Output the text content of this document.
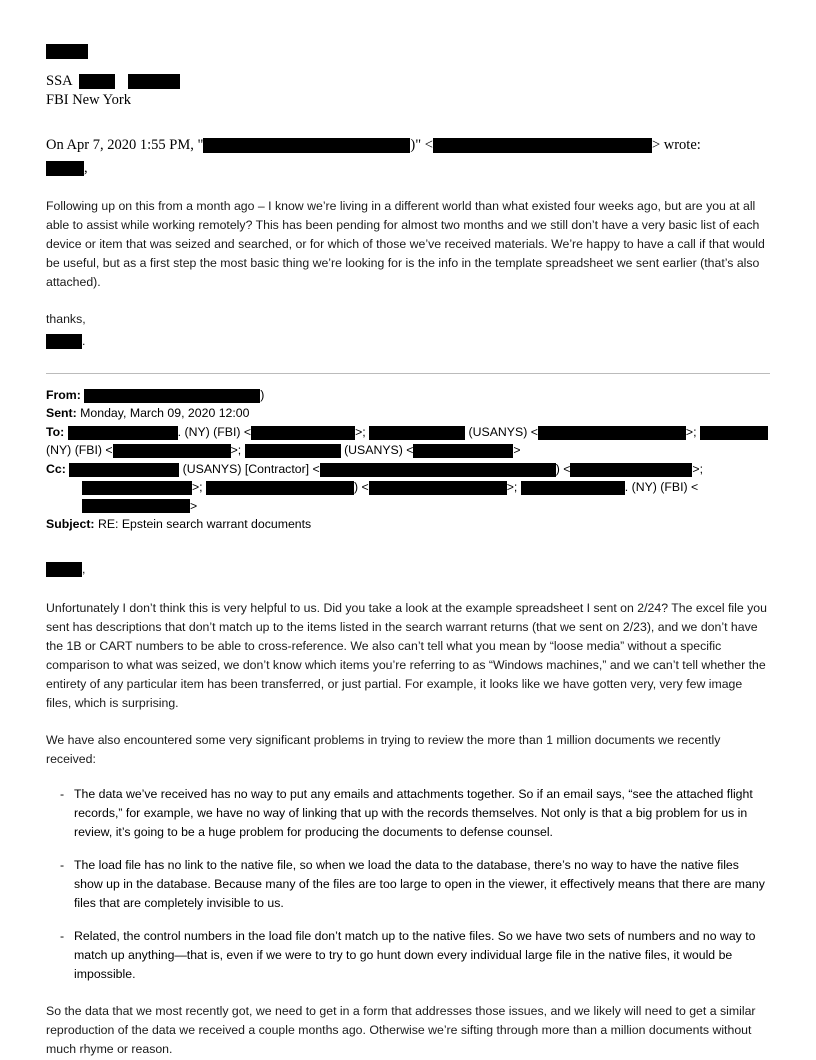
SSA
FBI New York
On Apr 7, 2020 1:55 PM, "	)" <	> wrote:
,
Following up on this from a month ago – I know we’re living in a different world than what existed four weeks ago, but are you at all able to assist while working remotely? This has been pending for almost two months and we still don’t have a very basic list of each device or item that was seized and searched, or for which of those we’ve received materials. We’re happy to have a call if that would be useful, but as a first step the most basic thing we’re looking for is the info in the template spreadsheet we sent earlier (that’s also attached).
thanks,
.
From:	)
Sent: Monday, March 09, 2020 12:00
To:	. (NY) (FBI) <	>;	(USANYS) <	>;
(NY) (FBI) <	>;	(USANYS) <	>
Cc:	(USANYS) [Contractor] <	) <	>;
>;	) <	>;	. (NY) (FBI) <
>
Subject: RE: Epstein search warrant documents
,
Unfortunately I don’t think this is very helpful to us. Did you take a look at the example spreadsheet I sent on 2/24? The excel file you sent has descriptions that don’t match up to the items listed in the search warrant returns (that we sent on 2/23), and we don’t have the 1B or CART numbers to be able to cross-reference. We also can’t tell what you mean by “loose media” without a specific comparison to what was seized, we don’t know which items you’re referring to as “Windows machines,” and we can’t tell whether the entirety of any particular item has been transferred, or just partial. For example, it looks like we have gotten very, very few image files, which is surprising.
We have also encountered some very significant problems in trying to review the more than 1 million documents we recently received:
- The data we’ve received has no way to put any emails and attachments together. So if an email says, “see the attached flight records,” for example, we have no way of linking that up with the records themselves. Not only is that a big problem for us in review, it’s going to be a huge problem for producing the documents to defense counsel.
- The load file has no link to the native file, so when we load the data to the database, there’s no way to have the native files show up in the database. Because many of the files are too large to open in the viewer, it effectively means that there are many files that are completely invisible to us.
- Related, the control numbers in the load file don’t match up to the native files. So we have two sets of numbers and no way to match up anything—that is, even if we were to try to go hunt down every individual large file in the native files, it would be impossible.
So the data that we most recently got, we need to get in a form that addresses those issues, and we likely will need to get a similar reproduction of the data we received a couple months ago. Otherwise we’re sifting through more than a million documents without much rhyme or reason.
